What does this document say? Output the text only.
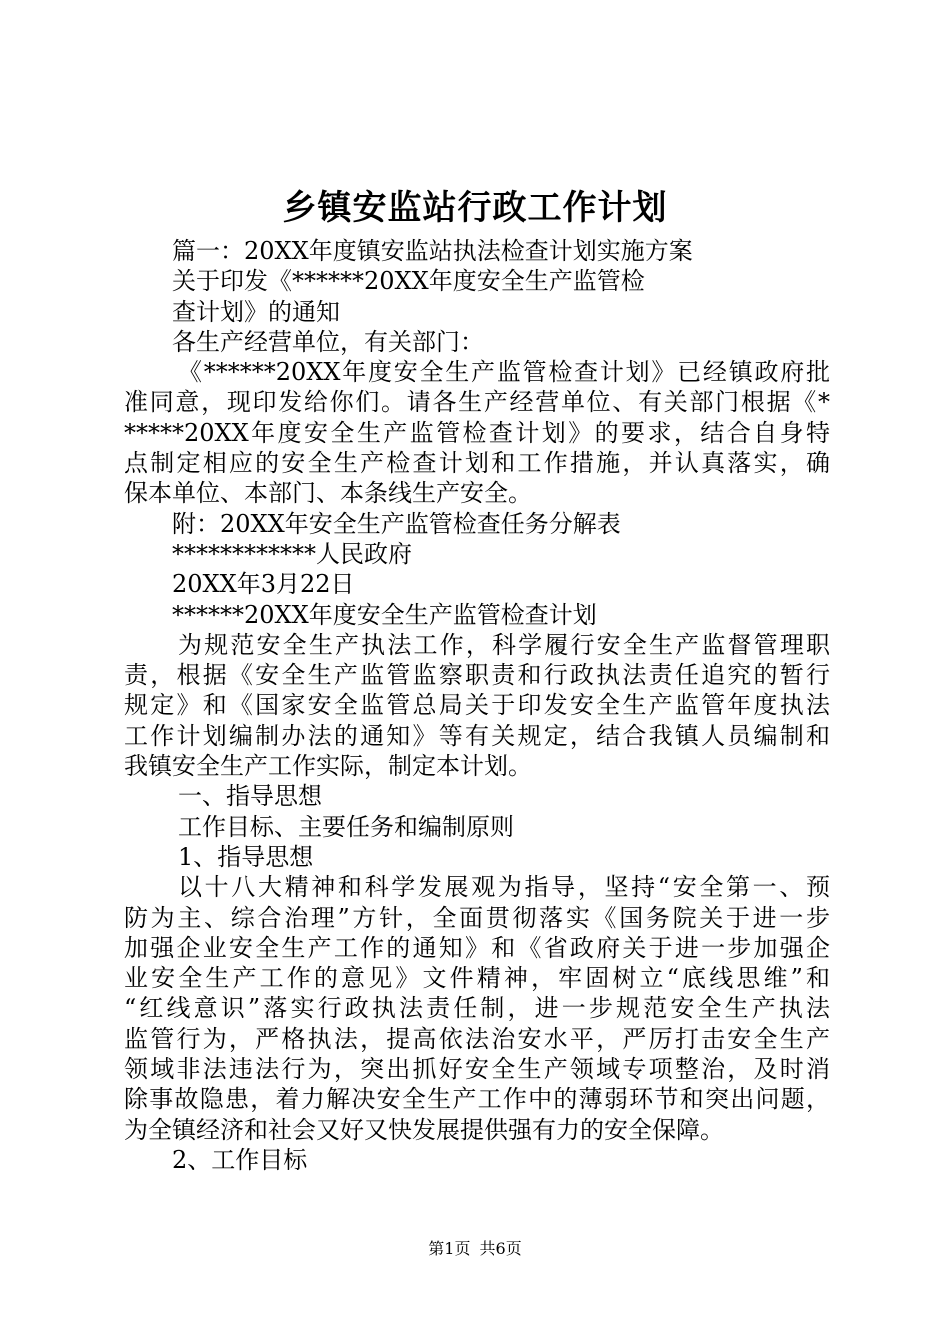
乡镇安监站行政工作计划
篇一：20XX年度镇安监站执法检查计划实施方案
关于印发《******20XX年度安全生产监管检
查计划》的通知
各生产经营单位，有关部门：
《******20XX年度安全生产监管检查计划》已经镇政府批
准同意，现印发给你们。请各生产经营单位、有关部门根据《*
*****20XX年度安全生产监管检查计划》的要求，结合自身特
点制定相应的安全生产检查计划和工作措施，并认真落实，确
保本单位、本部门、本条线生产安全。
附：20XX年安全生产监管检查任务分解表
************人民政府
20XX年3月22日
******20XX年度安全生产监管检查计划
为规范安全生产执法工作，科学履行安全生产监督管理职
责，根据《安全生产监管监察职责和行政执法责任追究的暂行
规定》和《国家安全监管总局关于印发安全生产监管年度执法
工作计划编制办法的通知》等有关规定，结合我镇人员编制和
我镇安全生产工作实际，制定本计划。
一、指导思想
工作目标、主要任务和编制原则
1、指导思想
以十八大精神和科学发展观为指导，坚持“安全第一、预
防为主、综合治理”方针，全面贯彻落实《国务院关于进一步
加强企业安全生产工作的通知》和《省政府关于进一步加强企
业安全生产工作的意见》文件精神，牢固树立“底线思维”和
“红线意识”落实行政执法责任制，进一步规范安全生产执法
监管行为，严格执法，提高依法治安水平，严厉打击安全生产
领域非法违法行为，突出抓好安全生产领域专项整治，及时消
除事故隐患，着力解决安全生产工作中的薄弱环节和突出问题，
为全镇经济和社会又好又快发展提供强有力的安全保障。
2、工作目标
第1页 共6页
